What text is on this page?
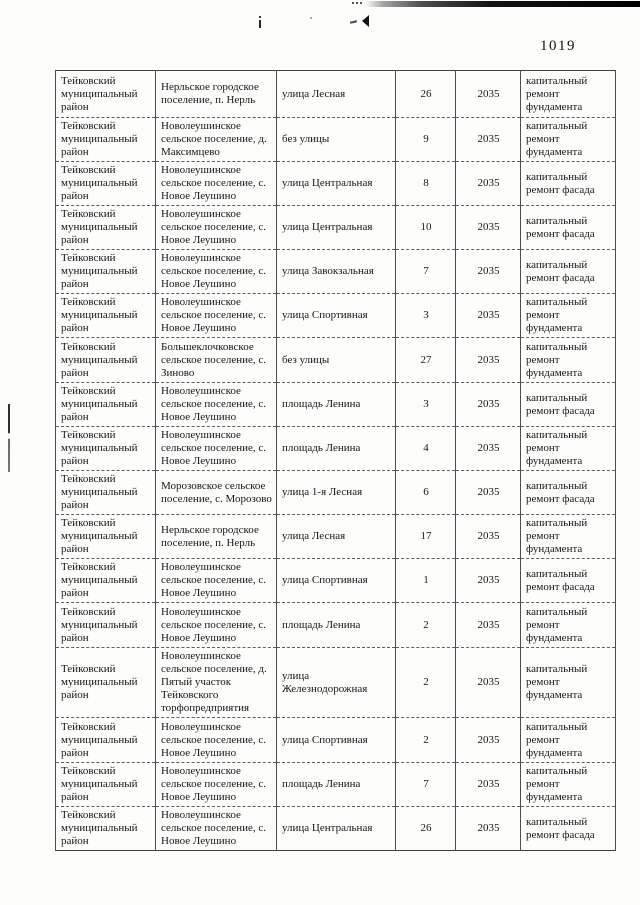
1019
Тейковский муниципальный район	Нерльское городское поселение, п. Нерль	улица Лесная	26	2035	капитальный ремонт фундамента
Тейковский муниципальный район	Новолеушинское сельское поселение, д. Максимцево	без улицы	9	2035	капитальный ремонт фундамента
Тейковский муниципальный район	Новолеушинское сельское поселение, с. Новое Леушино	улица Центральная	8	2035	капитальный ремонт фасада
Тейковский муниципальный район	Новолеушинское сельское поселение, с. Новое Леушино	улица Центральная	10	2035	капитальный ремонт фасада
Тейковский муниципальный район	Новолеушинское сельское поселение, с. Новое Леушино	улица Завокзальная	7	2035	капитальный ремонт фасада
Тейковский муниципальный район	Новолеушинское сельское поселение, с. Новое Леушино	улица Спортивная	3	2035	капитальный ремонт фундамента
Тейковский муниципальный район	Большеклочковское сельское поселение, с. Зиново	без улицы	27	2035	капитальный ремонт фундамента
Тейковский муниципальный район	Новолеушинское сельское поселение, с. Новое Леушино	площадь Ленина	3	2035	капитальный ремонт фасада
Тейковский муниципальный район	Новолеушинское сельское поселение, с. Новое Леушино	площадь Ленина	4	2035	капитальный ремонт фундамента
Тейковский муниципальный район	Морозовское сельское поселение, с. Морозово	улица 1-я Лесная	6	2035	капитальный ремонт фасада
Тейковский муниципальный район	Нерльское городское поселение, п. Нерль	улица Лесная	17	2035	капитальный ремонт фундамента
Тейковский муниципальный район	Новолеушинское сельское поселение, с. Новое Леушино	улица Спортивная	1	2035	капитальный ремонт фасада
Тейковский муниципальный район	Новолеушинское сельское поселение, с. Новое Леушино	площадь Ленина	2	2035	капитальный ремонт фундамента
Тейковский муниципальный район	Новолеушинское сельское поселение, д. Пятый участок Тейковского торфопредприятия	улица Железнодорожная	2	2035	капитальный ремонт фундамента
Тейковский муниципальный район	Новолеушинское сельское поселение, с. Новое Леушино	улица Спортивная	2	2035	капитальный ремонт фундамента
Тейковский муниципальный район	Новолеушинское сельское поселение, с. Новое Леушино	площадь Ленина	7	2035	капитальный ремонт фундамента
Тейковский муниципальный район	Новолеушинское сельское поселение, с. Новое Леушино	улица Центральная	26	2035	капитальный ремонт фасада
